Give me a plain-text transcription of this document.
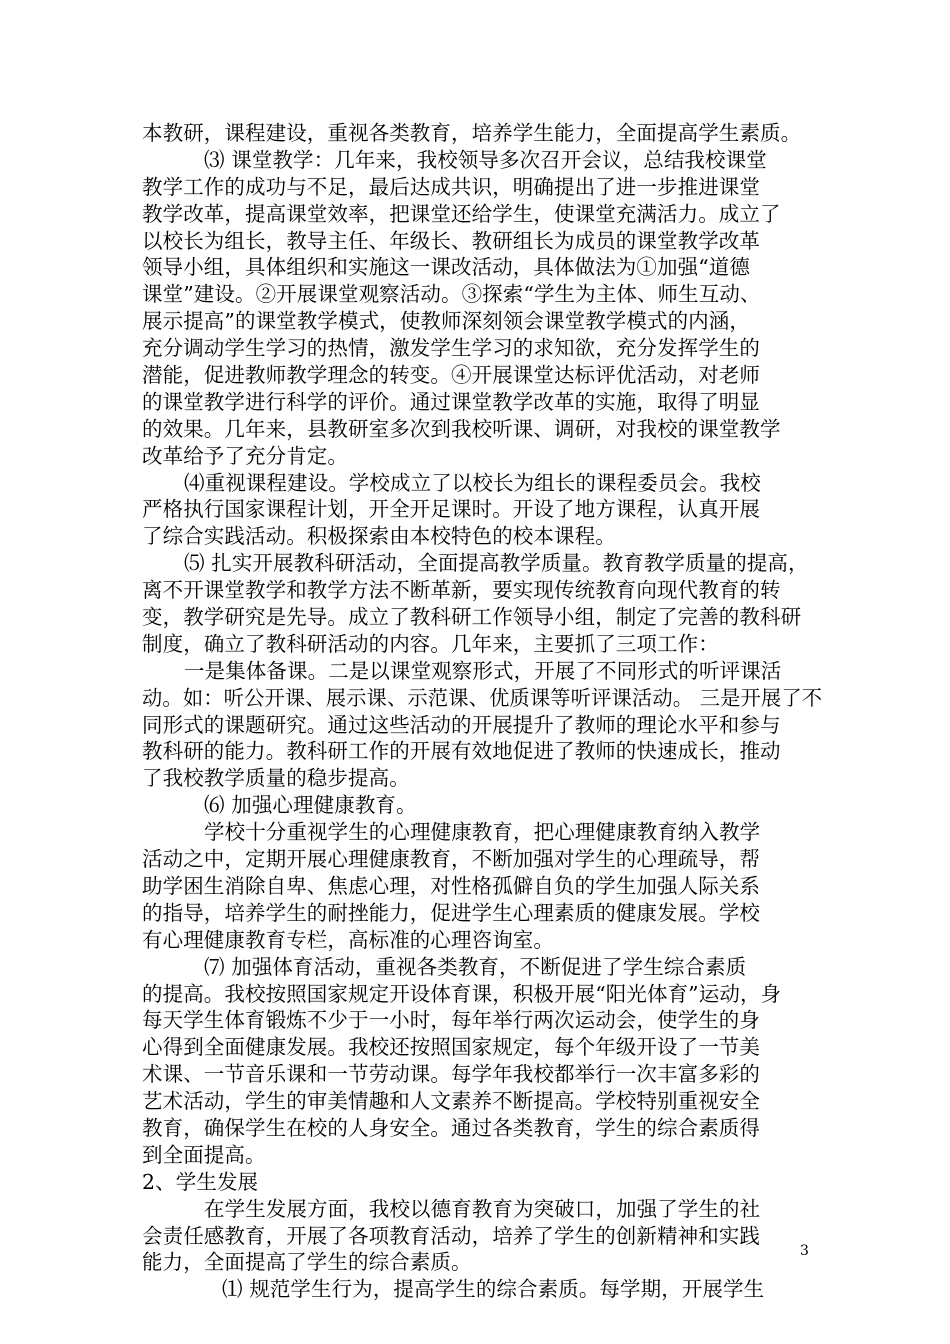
本教研，课程建设，重视各类教育，培养学生能力，全面提高学生素质。
⑶ 课堂教学：几年来，我校领导多次召开会议，总结我校课堂
教学工作的成功与不足，最后达成共识，明确提出了进一步推进课堂
教学改革，提高课堂效率，把课堂还给学生，使课堂充满活力。成立了
以校长为组长，教导主任、年级长、教研组长为成员的课堂教学改革
领导小组，具体组织和实施这一课改活动，具体做法为①加强“道德
课堂”建设。②开展课堂观察活动。③探索“学生为主体、师生互动、
展示提高”的课堂教学模式，使教师深刻领会课堂教学模式的内涵，
充分调动学生学习的热情，激发学生学习的求知欲，充分发挥学生的
潜能，促进教师教学理念的转变。④开展课堂达标评优活动，对老师
的课堂教学进行科学的评价。通过课堂教学改革的实施，取得了明显
的效果。几年来，县教研室多次到我校听课、调研，对我校的课堂教学
改革给予了充分肯定。
⑷重视课程建设。学校成立了以校长为组长的课程委员会。我校
严格执行国家课程计划，开全开足课时。开设了地方课程，认真开展
了综合实践活动。积极探索由本校特色的校本课程。
⑸ 扎实开展教科研活动，全面提高教学质量。教育教学质量的提高，
离不开课堂教学和教学方法不断革新，要实现传统教育向现代教育的转
变，教学研究是先导。成立了教科研工作领导小组，制定了完善的教科研
制度，确立了教科研活动的内容。几年来，主要抓了三项工作：
一是集体备课。二是以课堂观察形式，开展了不同形式的听评课活
动。如：听公开课、展示课、示范课、优质课等听评课活动。 三是开展了不
同形式的课题研究。通过这些活动的开展提升了教师的理论水平和参与
教科研的能力。教科研工作的开展有效地促进了教师的快速成长，推动
了我校教学质量的稳步提高。
⑹ 加强心理健康教育。
学校十分重视学生的心理健康教育，把心理健康教育纳入教学
活动之中，定期开展心理健康教育，不断加强对学生的心理疏导，帮
助学困生消除自卑、焦虑心理，对性格孤僻自负的学生加强人际关系
的指导，培养学生的耐挫能力，促进学生心理素质的健康发展。学校
有心理健康教育专栏，高标准的心理咨询室。
⑺ 加强体育活动，重视各类教育，不断促进了学生综合素质
的提高。我校按照国家规定开设体育课，积极开展“阳光体育”运动，身
每天学生体育锻炼不少于一小时，每年举行两次运动会，使学生的身
心得到全面健康发展。我校还按照国家规定，每个年级开设了一节美
术课、一节音乐课和一节劳动课。每学年我校都举行一次丰富多彩的
艺术活动，学生的审美情趣和人文素养不断提高。学校特别重视安全
教育，确保学生在校的人身安全。通过各类教育，学生的综合素质得
到全面提高。
2、学生发展
在学生发展方面，我校以德育教育为突破口，加强了学生的社
会责任感教育，开展了各项教育活动，培养了学生的创新精神和实践
能力，全面提高了学生的综合素质。
⑴ 规范学生行为，提高学生的综合素质。每学期，开展学生
3
